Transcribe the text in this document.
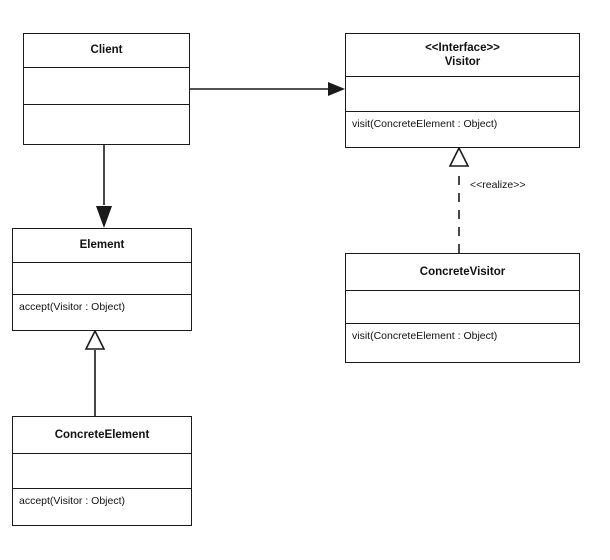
Client	<<Interface>>
Visitor
visit(ConcreteElement : Object)
Element
accept(Visitor : Object)
ConcreteVisitor
visit(ConcreteElement : Object)
ConcreteElement
accept(Visitor : Object)
<<realize>>
